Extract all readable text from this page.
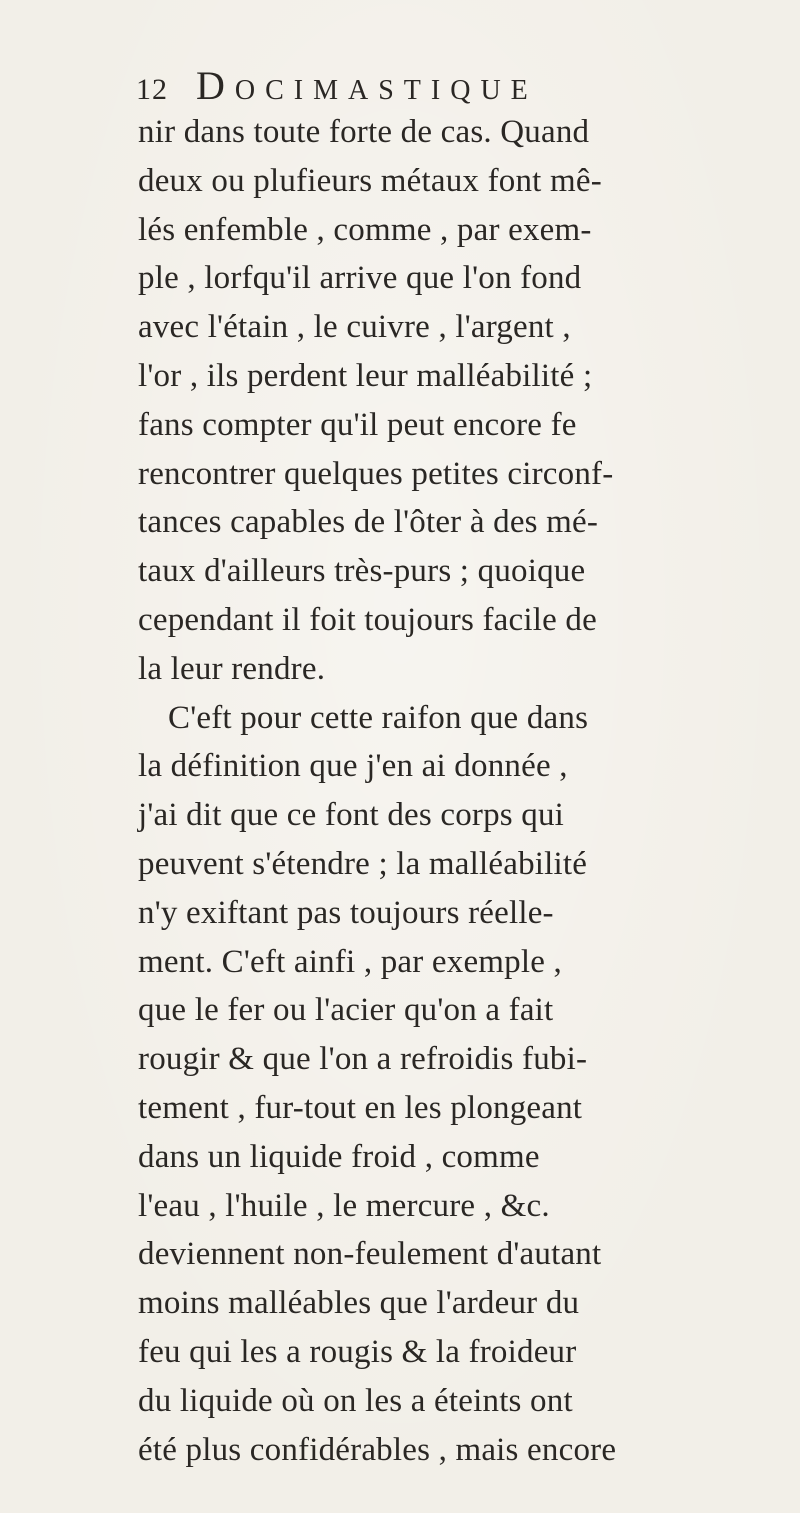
12 Docimastique
nir dans toute forte de cas. Quand
deux ou plufieurs métaux font mê-
lés enfemble , comme , par exem-
ple , lorfqu'il arrive que l'on fond
avec l'étain , le cuivre , l'argent ,
l'or , ils perdent leur malléabilité ;
fans compter qu'il peut encore fe
rencontrer quelques petites circonf-
tances capables de l'ôter à des mé-
taux d'ailleurs très-purs ; quoique
cependant il foit toujours facile de
la leur rendre.
C'eft pour cette raifon que dans
la définition que j'en ai donnée ,
j'ai dit que ce font des corps qui
peuvent s'étendre ; la malléabilité
n'y exiftant pas toujours réelle-
ment. C'eft ainfi , par exemple ,
que le fer ou l'acier qu'on a fait
rougir & que l'on a refroidis fubi-
tement , fur-tout en les plongeant
dans un liquide froid , comme
l'eau , l'huile , le mercure , &c.
deviennent non-feulement d'autant
moins malléables que l'ardeur du
feu qui les a rougis & la froideur
du liquide où on les a éteints ont
été plus confidérables , mais encore
